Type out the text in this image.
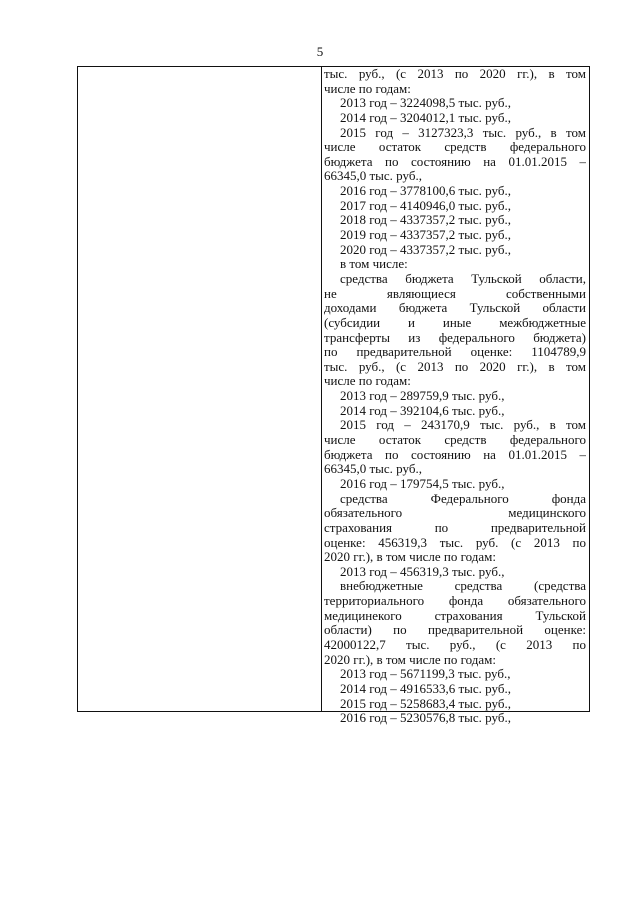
5
тыс. руб., (с 2013 по 2020 гг.), в том
числе по годам:
2013 год – 3224098,5 тыс. руб.,
2014 год – 3204012,1 тыс. руб.,
2015 год – 3127323,3 тыс. руб., в том
числе остаток средств федерального
бюджета по состоянию на 01.01.2015 –
66345,0 тыс. руб.,
2016 год – 3778100,6 тыс. руб.,
2017 год – 4140946,0 тыс. руб.,
2018 год – 4337357,2 тыс. руб.,
2019 год – 4337357,2 тыс. руб.,
2020 год – 4337357,2 тыс. руб.,
в том числе:
средства бюджета Тульской области,
не являющиеся собственными
доходами бюджета Тульской области
(субсидии и иные межбюджетные
трансферты из федерального бюджета)
по предварительной оценке: 1104789,9
тыс. руб., (с 2013 по 2020 гг.), в том
числе по годам:
2013 год – 289759,9 тыс. руб.,
2014 год – 392104,6 тыс. руб.,
2015 год – 243170,9 тыс. руб., в том
числе остаток средств федерального
бюджета по состоянию на 01.01.2015 –
66345,0 тыс. руб.,
2016 год – 179754,5 тыс. руб.,
средства Федерального фонда
обязательного медицинского
страхования по предварительной
оценке: 456319,3 тыс. руб. (с 2013 по
2020 гг.), в том числе по годам:
2013 год – 456319,3 тыс. руб.,
внебюджетные средства (средства
территориального фонда обязательного
медицинекого страхования Тульской
области) по предварительной оценке:
42000122,7 тыс. руб., (с 2013 по
2020 гг.), в том числе по годам:
2013 год – 5671199,3 тыс. руб.,
2014 год – 4916533,6 тыс. руб.,
2015 год – 5258683,4 тыс. руб.,
2016 год – 5230576,8 тыс. руб.,
